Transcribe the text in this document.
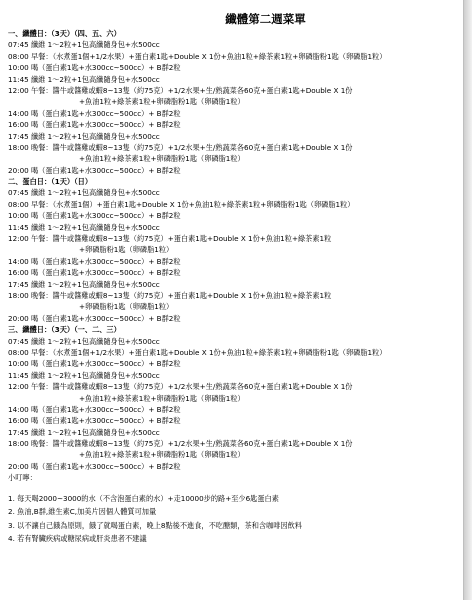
纖體第二週菜單
一、纖體日：（3天）（四、五、六）
07:45 纖維 1～2粒+1包高纖隨身包+水500cc
08:00 早餐：（水煮蛋1個+1/2水果）+蛋白素1匙+Double X 1份+魚油1粒+綠茶素1粒+卵磷脂粉1匙（卵磷脂1粒）
10:00 喝（蛋白素1匙+水300cc~500cc）+ B群2粒
11:45 纖維 1～2粒+1包高纖隨身包+水500cc
12:00 午餐：醬牛或醬雞或蝦8~13隻（約75克）+1/2水果+生/熟蔬菜各60克+蛋白素1匙+Double X 1份
+魚油1粒+綠茶素1粒+卵磷脂粉1匙（卵磷脂1粒）
14:00 喝（蛋白素1匙+水300cc~500cc）+ B群2粒
16:00 喝（蛋白素1匙+水300cc~500cc）+ B群2粒
17:45 纖維 1～2粒+1包高纖隨身包+水500cc
18:00 晚餐：醬牛或醬雞或蝦8~13隻（約75克）+1/2水果+生/熟蔬菜各60克+蛋白素1匙+Double X 1份
+魚油1粒+綠茶素1粒+卵磷脂粉1匙（卵磷脂1粒）
20:00 喝（蛋白素1匙+水300cc~500cc）+ B群2粒
二、蛋白日：（1天）（日）
07:45 纖維 1～2粒+1包高纖隨身包+水500cc
08:00 早餐：（水煮蛋1個）+蛋白素1匙+Double X 1份+魚油1粒+綠茶素1粒+卵磷脂粉1匙（卵磷脂1粒）
10:00 喝（蛋白素1匙+水300cc~500cc）+ B群2粒
11:45 纖維 1～2粒+1包高纖隨身包+水500cc
12:00 午餐：醬牛或醬雞或蝦8~13隻（約75克）+蛋白素1匙+Double X 1份+魚油1粒+綠茶素1粒
+卵磷脂粉1匙（卵磷脂1粒）
14:00 喝（蛋白素1匙+水300cc~500cc）+ B群2粒
16:00 喝（蛋白素1匙+水300cc~500cc）+ B群2粒
17:45 纖維 1～2粒+1包高纖隨身包+水500cc
18:00 晚餐：醬牛或醬雞或蝦8~13隻（約75克）+蛋白素1匙+Double X 1份+魚油1粒+綠茶素1粒
+卵磷脂粉1匙（卵磷脂1粒）
20:00 喝（蛋白素1匙+水300cc~500cc）+ B群2粒
三、纖體日：（3天）（一、二、三）
07:45 纖維 1～2粒+1包高纖隨身包+水500cc
08:00 早餐：（水煮蛋1個+1/2水果）+蛋白素1匙+Double X 1份+魚油1粒+綠茶素1粒+卵磷脂粉1匙（卵磷脂1粒）
10:00 喝（蛋白素1匙+水300cc~500cc）+ B群2粒
11:45 纖維 1～2粒+1包高纖隨身包+水500cc
12:00 午餐：醬牛或醬雞或蝦8~13隻（約75克）+1/2水果+生/熟蔬菜各60克+蛋白素1匙+Double X 1份
+魚油1粒+綠茶素1粒+卵磷脂粉1匙（卵磷脂1粒）
14:00 喝（蛋白素1匙+水300cc~500cc）+ B群2粒
16:00 喝（蛋白素1匙+水300cc~500cc）+ B群2粒
17:45 纖維 1～2粒+1包高纖隨身包+水500cc
18:00 晚餐：醬牛或醬雞或蝦8~13隻（約75克）+1/2水果+生/熟蔬菜各60克+蛋白素1匙+Double X 1份
+魚油1粒+綠茶素1粒+卵磷脂粉1匙（卵磷脂1粒）
20:00 喝（蛋白素1匙+水300cc~500cc）+ B群2粒
小叮嚀：
1. 每天喝2000~3000的水（不含泡蛋白素的水）+走10000步的路+至少6匙蛋白素
2. 魚油,B群,維生素C,加美片因個人體質可加量
3. 以不讓自己餓為原則，餓了就喝蛋白素，晚上8點後不進食，不吃醣類，茶和含咖啡因飲料
4. 若有腎臟疾病或糖尿病或肝炎患者不建議
